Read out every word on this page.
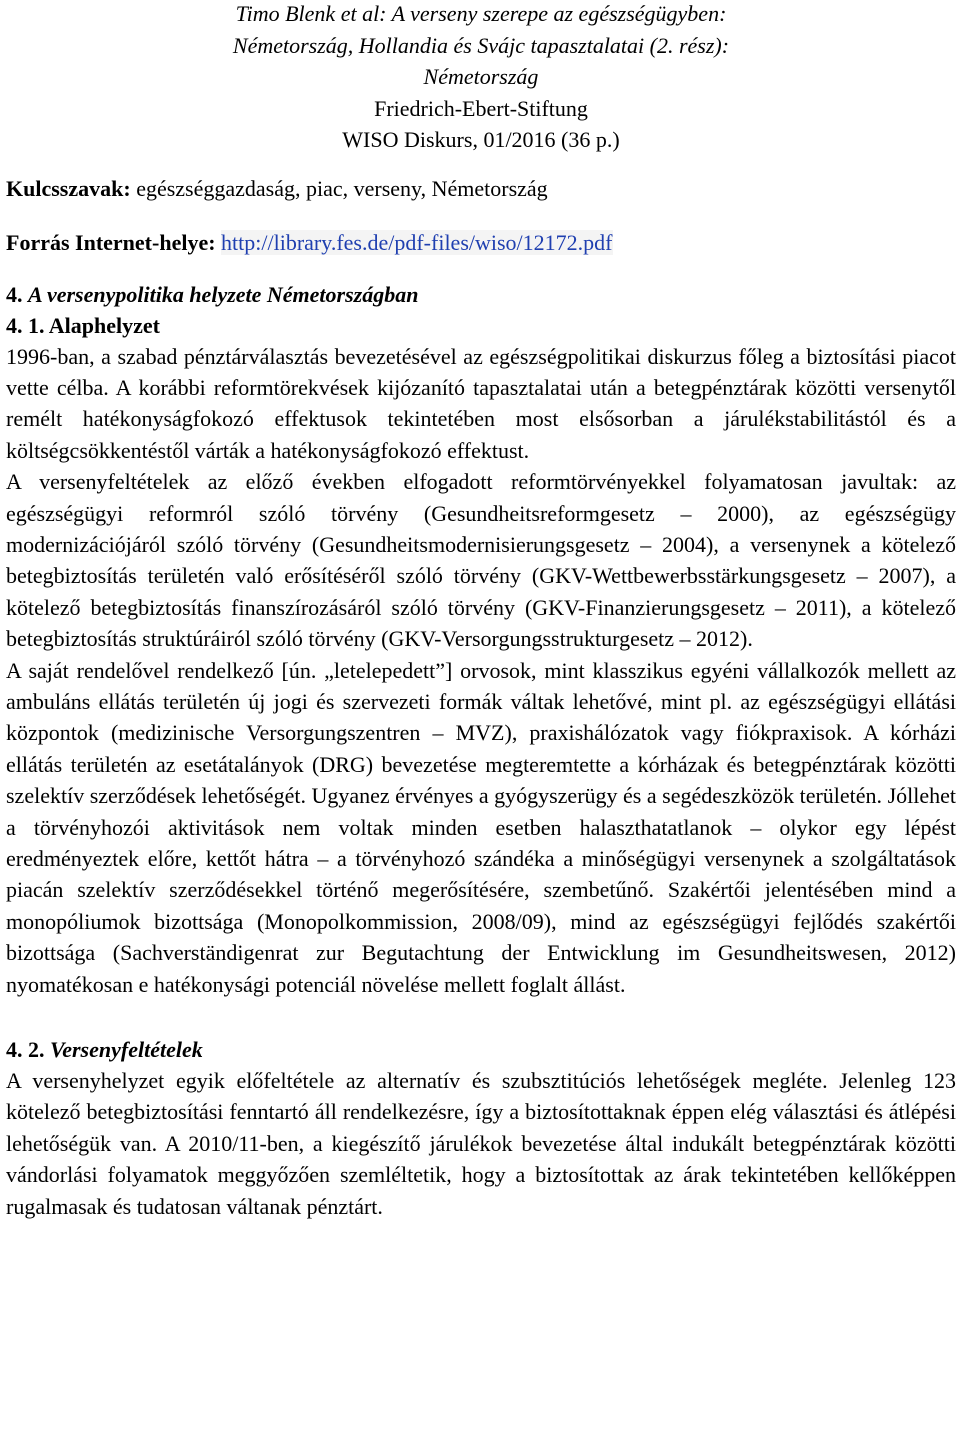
Timo Blenk et al: A verseny szerepe az egészségügyben:
Németország, Hollandia és Svájc tapasztalatai (2. rész):
Németország
Friedrich-Ebert-Stiftung
WISO Diskurs, 01/2016 (36 p.)

Kulcsszavak: egészséggazdaság, piac, verseny, Németország

Forrás Internet-helye: http://library.fes.de/pdf-files/wiso/12172.pdf

4. A versenypolitika helyzete Németországban
4. 1. Alaphelyzet

1996-ban, a szabad pénztárválasztás bevezetésével az egészségpolitikai diskurzus főleg a biztosítási piacot vette célba. A korábbi reformtörekvések kijózanító tapasztalatai után a betegpénztárak közötti versenytől remélt hatékonyságfokozó effektusok tekintetében most elsősorban a járulékstabilitástól és a költségcsökkentéstől várták a hatékonyságfokozó effektust.

A versenyfeltételek az előző években elfogadott reformtörvényekkel folyamatosan javultak: az egészségügyi reformról szóló törvény (Gesundheitsreformgesetz – 2000), az egészségügy modernizációjáról szóló törvény (Gesundheitsmodernisierungsgesetz – 2004), a versenynek a kötelező betegbiztosítás területén való erősítéséről szóló törvény (GKV-Wettbewerbsstärkungsgesetz – 2007), a kötelező betegbiztosítás finanszírozásáról szóló törvény (GKV-Finanzierungsgesetz – 2011), a kötelező betegbiztosítás struktúráiról szóló törvény (GKV-Versorgungsstrukturgesetz – 2012).

A saját rendelővel rendelkező [ún. „letelepedett”] orvosok, mint klasszikus egyéni vállalkozók mellett az ambuláns ellátás területén új jogi és szervezeti formák váltak lehetővé, mint pl. az egészségügyi ellátási központok (medizinische Versorgungszentren – MVZ), praxishálózatok vagy fiókpraxisok. A kórházi ellátás területén az esetátalányok (DRG) bevezetése megteremtette a kórházak és betegpénztárak közötti szelektív szerződések lehetőségét. Ugyanez érvényes a gyógyszerügy és a segédeszközök területén. Jóllehet a törvényhozói aktivitások nem voltak minden esetben halaszthatatlanok – olykor egy lépést eredményeztek előre, kettőt hátra – a törvényhozó szándéka a minőségügyi versenynek a szolgáltatások piacán szelektív szerződésekkel történő megerősítésére, szembetűnő. Szakértői jelentésében mind a monopóliumok bizottsága (Monopolkommission, 2008/09), mind az egészségügyi fejlődés szakértői bizottsága (Sachverständigenrat zur Begutachtung der Entwicklung im Gesundheitswesen, 2012) nyomatékosan e hatékonysági potenciál növelése mellett foglalt állást.

4. 2. Versenyfeltételek

A versenyhelyzet egyik előfeltétele az alternatív és szubsztitúciós lehetőségek megléte. Jelenleg 123 kötelező betegbiztosítási fenntartó áll rendelkezésre, így a biztosítottaknak éppen elég választási és átlépési lehetőségük van. A 2010/11-ben, a kiegészítő járulékok bevezetése által indukált betegpénztárak közötti vándorlási folyamatok meggyőzően szemléltetik, hogy a biztosítottak az árak tekintetében kellőképpen rugalmasak és tudatosan váltanak pénztárt.
